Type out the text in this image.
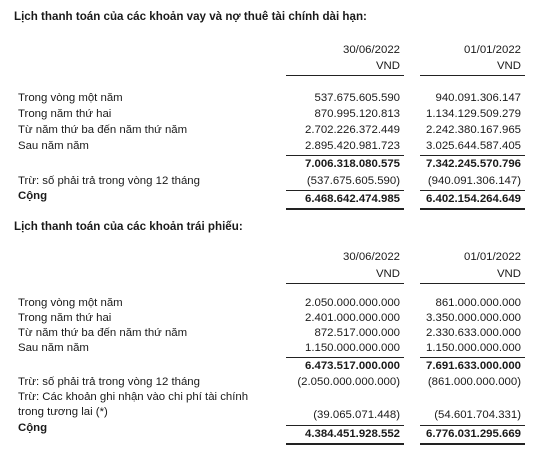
Lịch thanh toán của các khoản vay và nợ thuê tài chính dài hạn:
30/06/2022	01/01/2022
VND	VND
Trong vòng một năm	537.675.605.590	940.091.306.147
Trong năm thứ hai	870.995.120.813 1.134.129.509.279
Từ năm thứ ba đến năm thứ năm	2.702.226.372.449 2.242.380.167.965
Sau năm năm	2.895.420.981.723 3.025.644.587.405
7.006.318.080.575 7.342.245.570.796
Trừ: số phải trả trong vòng 12 tháng	(537.675.605.590) (940.091.306.147)
Cộng	6.468.642.474.985 6.402.154.264.649
Lịch thanh toán của các khoản trái phiếu:
30/06/2022	01/01/2022
VND	VND
Trong vòng một năm	2.050.000.000.000	861.000.000.000
Trong năm thứ hai	2.401.000.000.000 3.350.000.000.000
Từ năm thứ ba đến năm thứ năm	872.517.000.000 2.330.633.000.000
Sau năm năm	1.150.000.000.000 1.150.000.000.000
6.473.517.000.000 7.691.633.000.000
Trừ: số phải trả trong vòng 12 tháng	(2.050.000.000.000) (861.000.000.000)
Trừ: Các khoản ghi nhận vào chi phí tài chính
trong tương lai (*)	(39.065.071.448)	(54.601.704.331)
Cộng	4.384.451.928.552 6.776.031.295.669
